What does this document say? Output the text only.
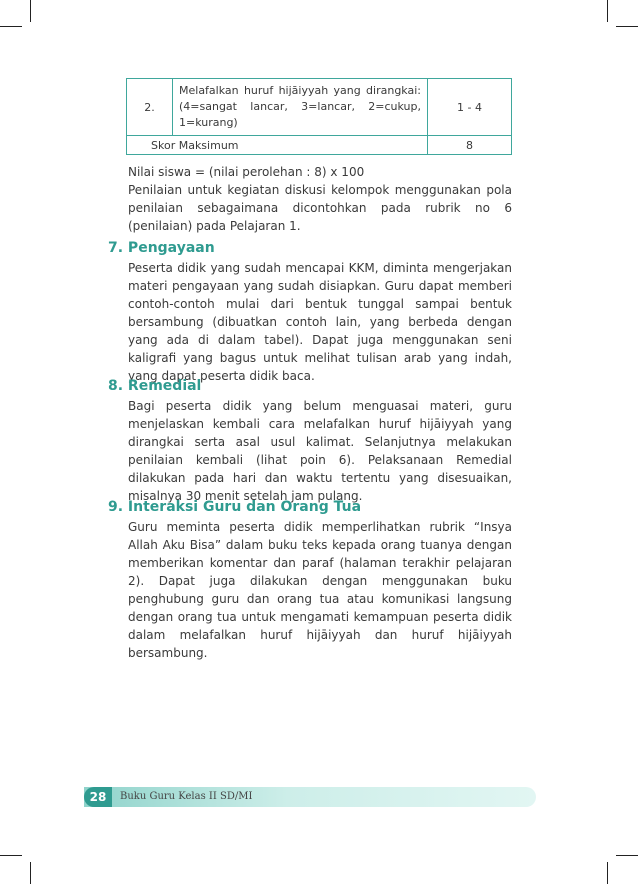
2.	Melafalkan huruf hijāiyyah yang dirangkai: (4=sangat lancar, 3=lancar, 2=cukup, 1=kurang)	1 - 4
Skor Maksimum		8

Nilai siswa = (nilai perolehan : 8) x 100

Penilaian untuk kegiatan diskusi kelompok menggunakan pola penilaian sebagaimana dicontohkan pada rubrik no 6 (penilaian) pada Pelajaran 1.

7. Pengayaan
Peserta didik yang sudah mencapai KKM, diminta mengerjakan materi pengayaan yang sudah disiapkan. Guru dapat memberi contoh-contoh mulai dari bentuk tunggal sampai bentuk bersambung (dibuatkan contoh lain, yang berbeda dengan yang ada di dalam tabel). Dapat juga menggunakan seni kaligrafi yang bagus untuk melihat tulisan arab yang indah, yang dapat peserta didik baca.
8. Remedial
Bagi peserta didik yang belum menguasai materi, guru menjelaskan kembali cara melafalkan huruf hijāiyyah yang dirangkai serta asal usul kalimat. Selanjutnya melakukan penilaian kembali (lihat poin 6). Pelaksanaan Remedial dilakukan pada hari dan waktu tertentu yang disesuaikan, misalnya 30 menit setelah jam pulang.
9. Interaksi Guru dan Orang Tua
Guru meminta peserta didik memperlihatkan rubrik “Insya Allah Aku Bisa” dalam buku teks kepada orang tuanya dengan memberikan komentar dan paraf (halaman terakhir pelajaran 2). Dapat juga dilakukan dengan menggunakan buku penghubung guru dan orang tua atau komunikasi langsung dengan orang tua untuk mengamati kemampuan peserta didik dalam melafalkan huruf hijāiyyah dan huruf hijāiyyah bersambung.
28	Buku Guru Kelas II SD/MI
